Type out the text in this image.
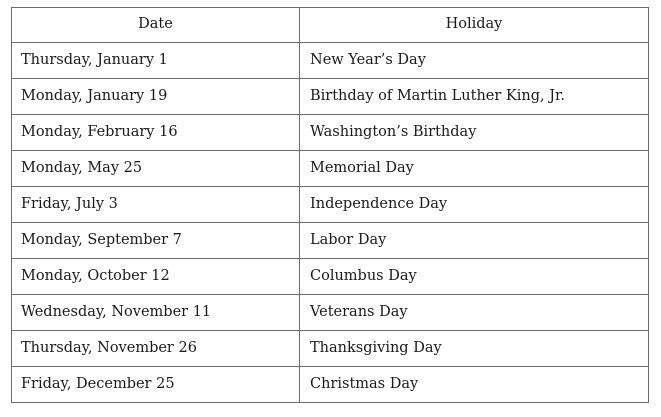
Date	Holiday
Thursday, January 1	New Year’s Day
Monday, January 19	Birthday of Martin Luther King, Jr.
Monday, February 16	Washington’s Birthday
Monday, May 25	Memorial Day
Friday, July 3	Independence Day
Monday, September 7	Labor Day
Monday, October 12	Columbus Day
Wednesday, November 11	Veterans Day
Thursday, November 26	Thanksgiving Day
Friday, December 25	Christmas Day
